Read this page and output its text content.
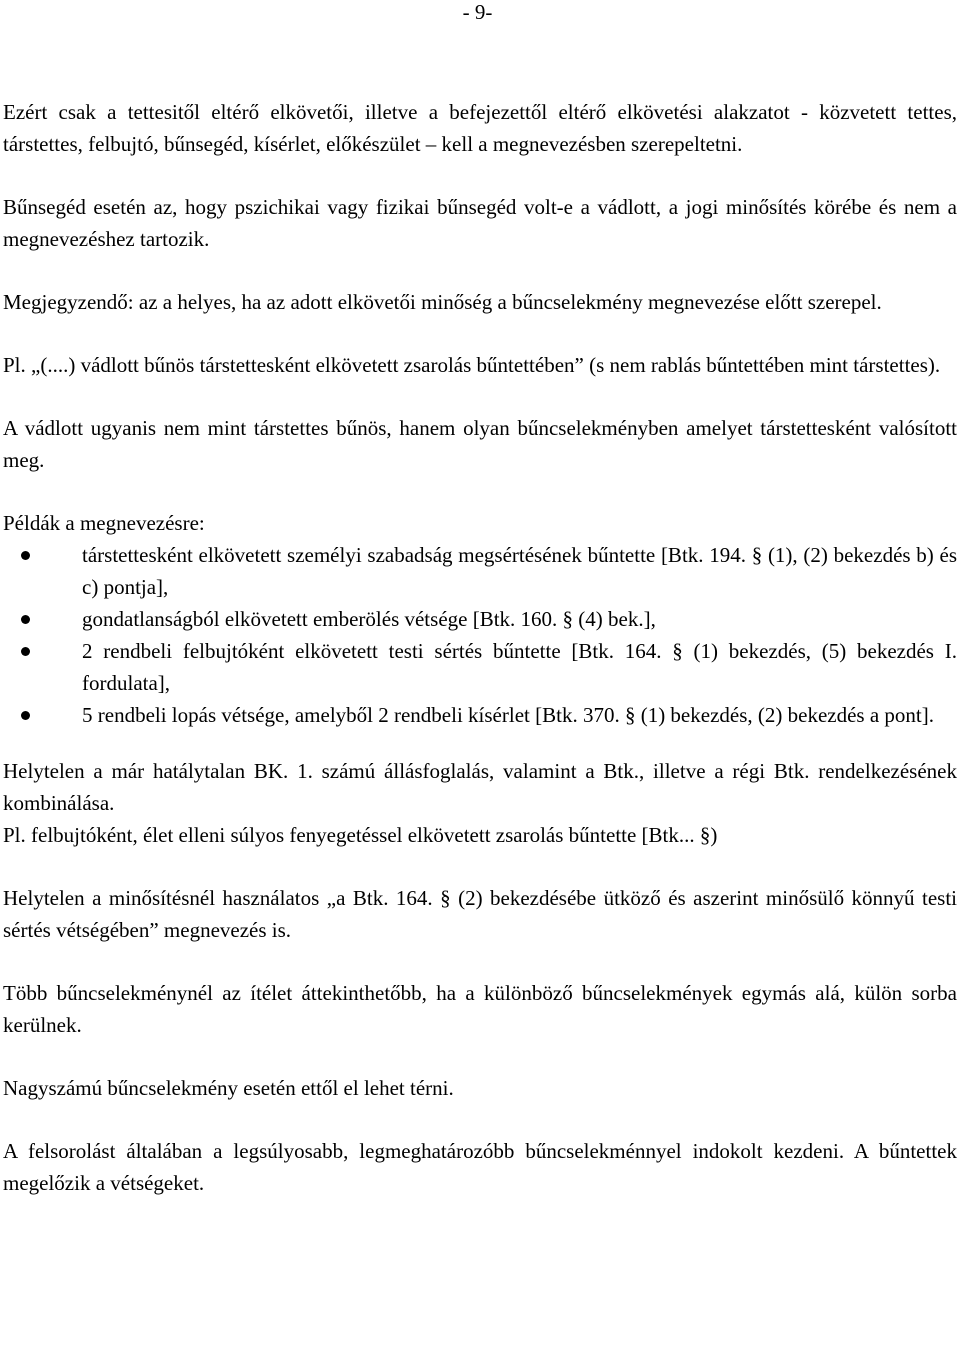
- 9-

Ezért csak a tettesitől eltérő elkövetői, illetve a befejezettől eltérő elkövetési alakzatot - közvetett tettes, társtettes, felbujtó, bűnsegéd, kísérlet, előkészület – kell a megnevezésben szerepeltetni.

Bűnsegéd esetén az, hogy pszichikai vagy fizikai bűnsegéd volt-e a vádlott, a jogi minősítés körébe és nem a megnevezéshez tartozik.

Megjegyzendő: az a helyes, ha az adott elkövetői minőség a bűncselekmény megnevezése előtt szerepel.

Pl. „(....) vádlott bűnös társtettesként elkövetett zsarolás bűntettében” (s nem rablás bűntettében mint társtettes).

A vádlott ugyanis nem mint társtettes bűnös, hanem olyan bűncselekményben amelyet társtettesként valósított meg.

Példák a megnevezésre:

társtettesként elkövetett személyi szabadság megsértésének bűntette [Btk. 194. § (1), (2) bekezdés b) és c) pontja],
gondatlanságból elkövetett emberölés vétsége [Btk. 160. § (4) bek.],
2 rendbeli felbujtóként elkövetett testi sértés bűntette [Btk. 164. § (1) bekezdés, (5) bekezdés I. fordulata],
5 rendbeli lopás vétsége, amelyből 2 rendbeli kísérlet [Btk. 370. § (1) bekezdés, (2) bekezdés a pont].

Helytelen a már hatálytalan BK. 1. számú állásfoglalás, valamint a Btk., illetve a régi Btk. rendelkezésének kombinálása.

Pl. felbujtóként, élet elleni súlyos fenyegetéssel elkövetett zsarolás bűntette [Btk... §)

Helytelen a minősítésnél használatos „a Btk. 164. § (2) bekezdésébe ütköző és aszerint minősülő könnyű testi sértés vétségében” megnevezés is.

Több bűncselekménynél az ítélet áttekinthetőbb, ha a különböző bűncselekmények egymás alá, külön sorba kerülnek.

Nagyszámú bűncselekmény esetén ettől el lehet térni.

A felsorolást általában a legsúlyosabb, legmeghatározóbb bűncselekménnyel indokolt kezdeni. A bűntettek megelőzik a vétségeket.
